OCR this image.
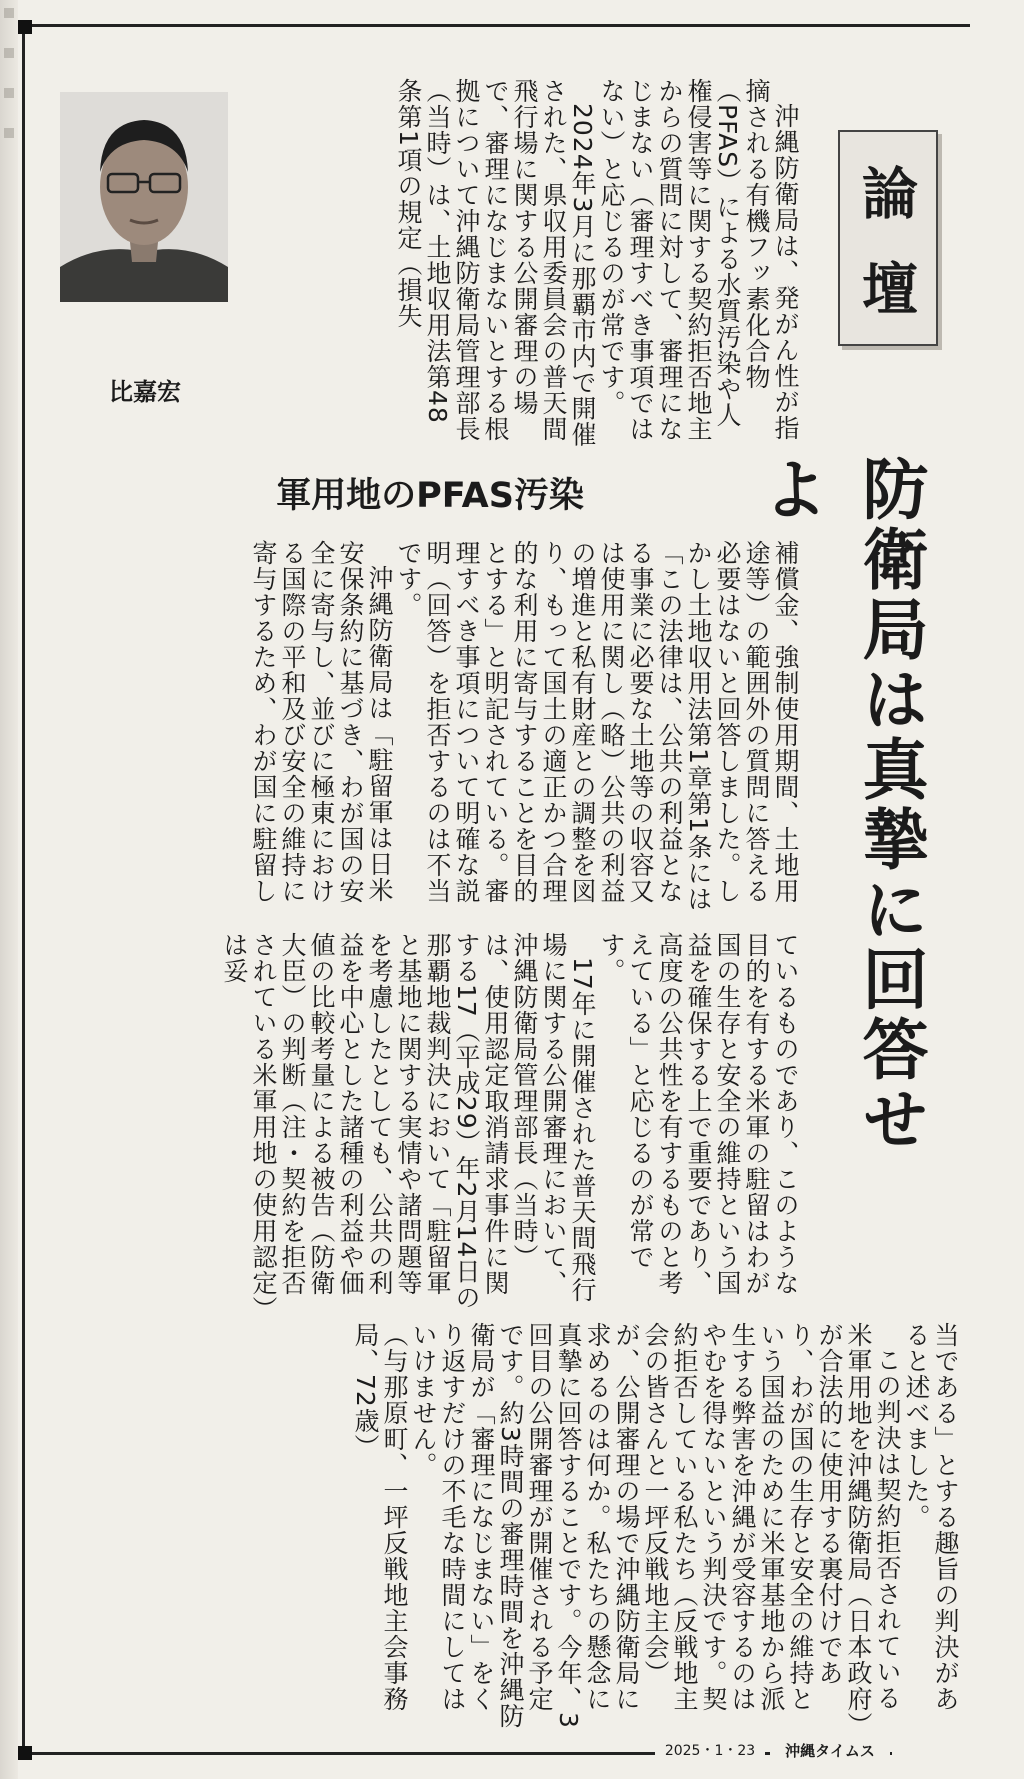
論 壇
防衛局は真摯に回答せよ
軍用地のPFAS汚染
比嘉宏	沖縄防衛局は、発がん性が指摘される有機フッ素化合物（PFAS）による水質汚染や人権侵害等に関する契約拒否地主からの質問に対して、審理になじまない（審理すべき事項ではない）と応じるのが常です。

2024年3月に那覇市内で開催された、県収用委員会の普天間飛行場に関する公開審理の場で、審理になじまないとする根拠について沖縄防衛局管理部長（当時）は、土地収用法第48条第1項の規定（損失

補償金、強制使用期間、土地用途等）の範囲外の質問に答える必要はないと回答しました。しかし土地収用法第1章第1条には「この法律は、公共の利益となる事業に必要な土地等の収容又は使用に関し（略）公共の利益の増進と私有財産との調整を図り、もって国土の適正かつ合理的な利用に寄与することを目的とする」と明記されている。審理すべき事項について明確な説明（回答）を拒否するのは不当です。

沖縄防衛局は「駐留軍は日米安保条約に基づき、わが国の安全に寄与し、並びに極東における国際の平和及び安全の維持に寄与するため、わが国に駐留し

ているものであり、このような目的を有する米軍の駐留はわが国の生存と安全の維持という国益を確保する上で重要であり、高度の公共性を有するものと考えている」と応じるのが常です。

17年に開催された普天間飛行場に関する公開審理において、沖縄防衛局管理部長（当時）は、使用認定取消請求事件に関する17（平成29）年2月14日の那覇地裁判決において「駐留軍と基地に関する実情や諸問題等を考慮したとしても、公共の利益を中心とした諸種の利益や価値の比較考量による被告（防衛大臣）の判断（注・契約を拒否されている米軍用地の使用認定）は妥

当である」とする趣旨の判決があると述べました。

この判決は契約拒否されている米軍用地を沖縄防衛局（日本政府）が合法的に使用する裏付けであり、わが国の生存と安全の維持という国益のために米軍基地から派生する弊害を沖縄が受容するのはやむを得ないという判決です。契約拒否している私たち（反戦地主会の皆さんと一坪反戦地主会）が、公開審理の場で沖縄防衛局に求めるのは何か。私たちの懸念に真摯に回答することです。今年、3回目の公開審理が開催される予定です。約3時間の審理時間を沖縄防衛局が「審理になじまない」をくり返すだけの不毛な時間にしてはいけません。

（与那原町、一坪反戦地主会事務局、72歳）

2025・1・23	沖縄タイムス
